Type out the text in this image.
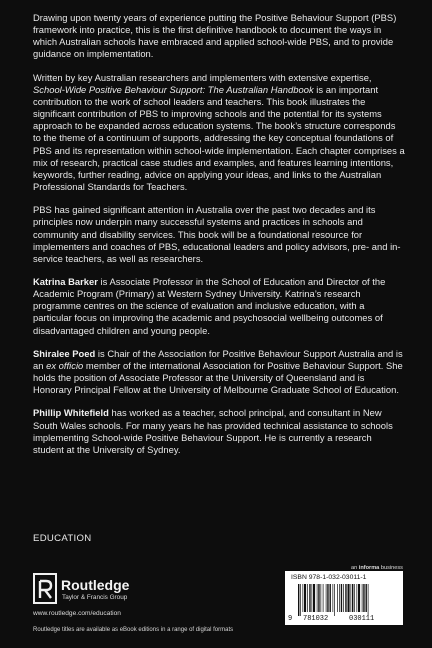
Drawing upon twenty years of experience putting the Positive Behaviour Support (PBS) framework into practice, this is the first definitive handbook to document the ways in which Australian schools have embraced and applied school-wide PBS, and to provide guidance on implementation.

Written by key Australian researchers and implementers with extensive expertise, School-Wide Positive Behaviour Support: The Australian Handbook is an important contribution to the work of school leaders and teachers. This book illustrates the significant contribution of PBS to improving schools and the potential for its systems approach to be expanded across education systems. The book’s structure corresponds to the theme of a continuum of supports, addressing the key conceptual foundations of PBS and its representation within school-wide implementation. Each chapter comprises a mix of research, practical case studies and examples, and features learning intentions, keywords, further reading, advice on applying your ideas, and links to the Australian Professional Standards for Teachers.

PBS has gained significant attention in Australia over the past two decades and its principles now underpin many successful systems and practices in schools and community and disability services. This book will be a foundational resource for implementers and coaches of PBS, educational leaders and policy advisors, pre- and in-service teachers, as well as researchers.

Katrina Barker is Associate Professor in the School of Education and Director of the Academic Program (Primary) at Western Sydney University. Katrina’s research programme centres on the science of evaluation and inclusive education, with a particular focus on improving the academic and psychosocial wellbeing outcomes of disadvantaged children and young people.

Shiralee Poed is Chair of the Association for Positive Behaviour Support Australia and is an ex officio member of the international Association for Positive Behaviour Support. She holds the position of Associate Professor at the University of Queensland and is Honorary Principal Fellow at the University of Melbourne Graduate School of Education.

Phillip Whitefield has worked as a teacher, school principal, and consultant in New South Wales schools. For many years he has provided technical assistance to schools implementing School-wide Positive Behaviour Support. He is currently a research student at the University of Sydney.

EDUCATION
Routledge
Taylor & Francis Group
www.routledge.com/education
Routledge titles are available as eBook editions in a range of digital formats
an informa business
ISBN 978-1-032-03011-1
9 781032	030111
